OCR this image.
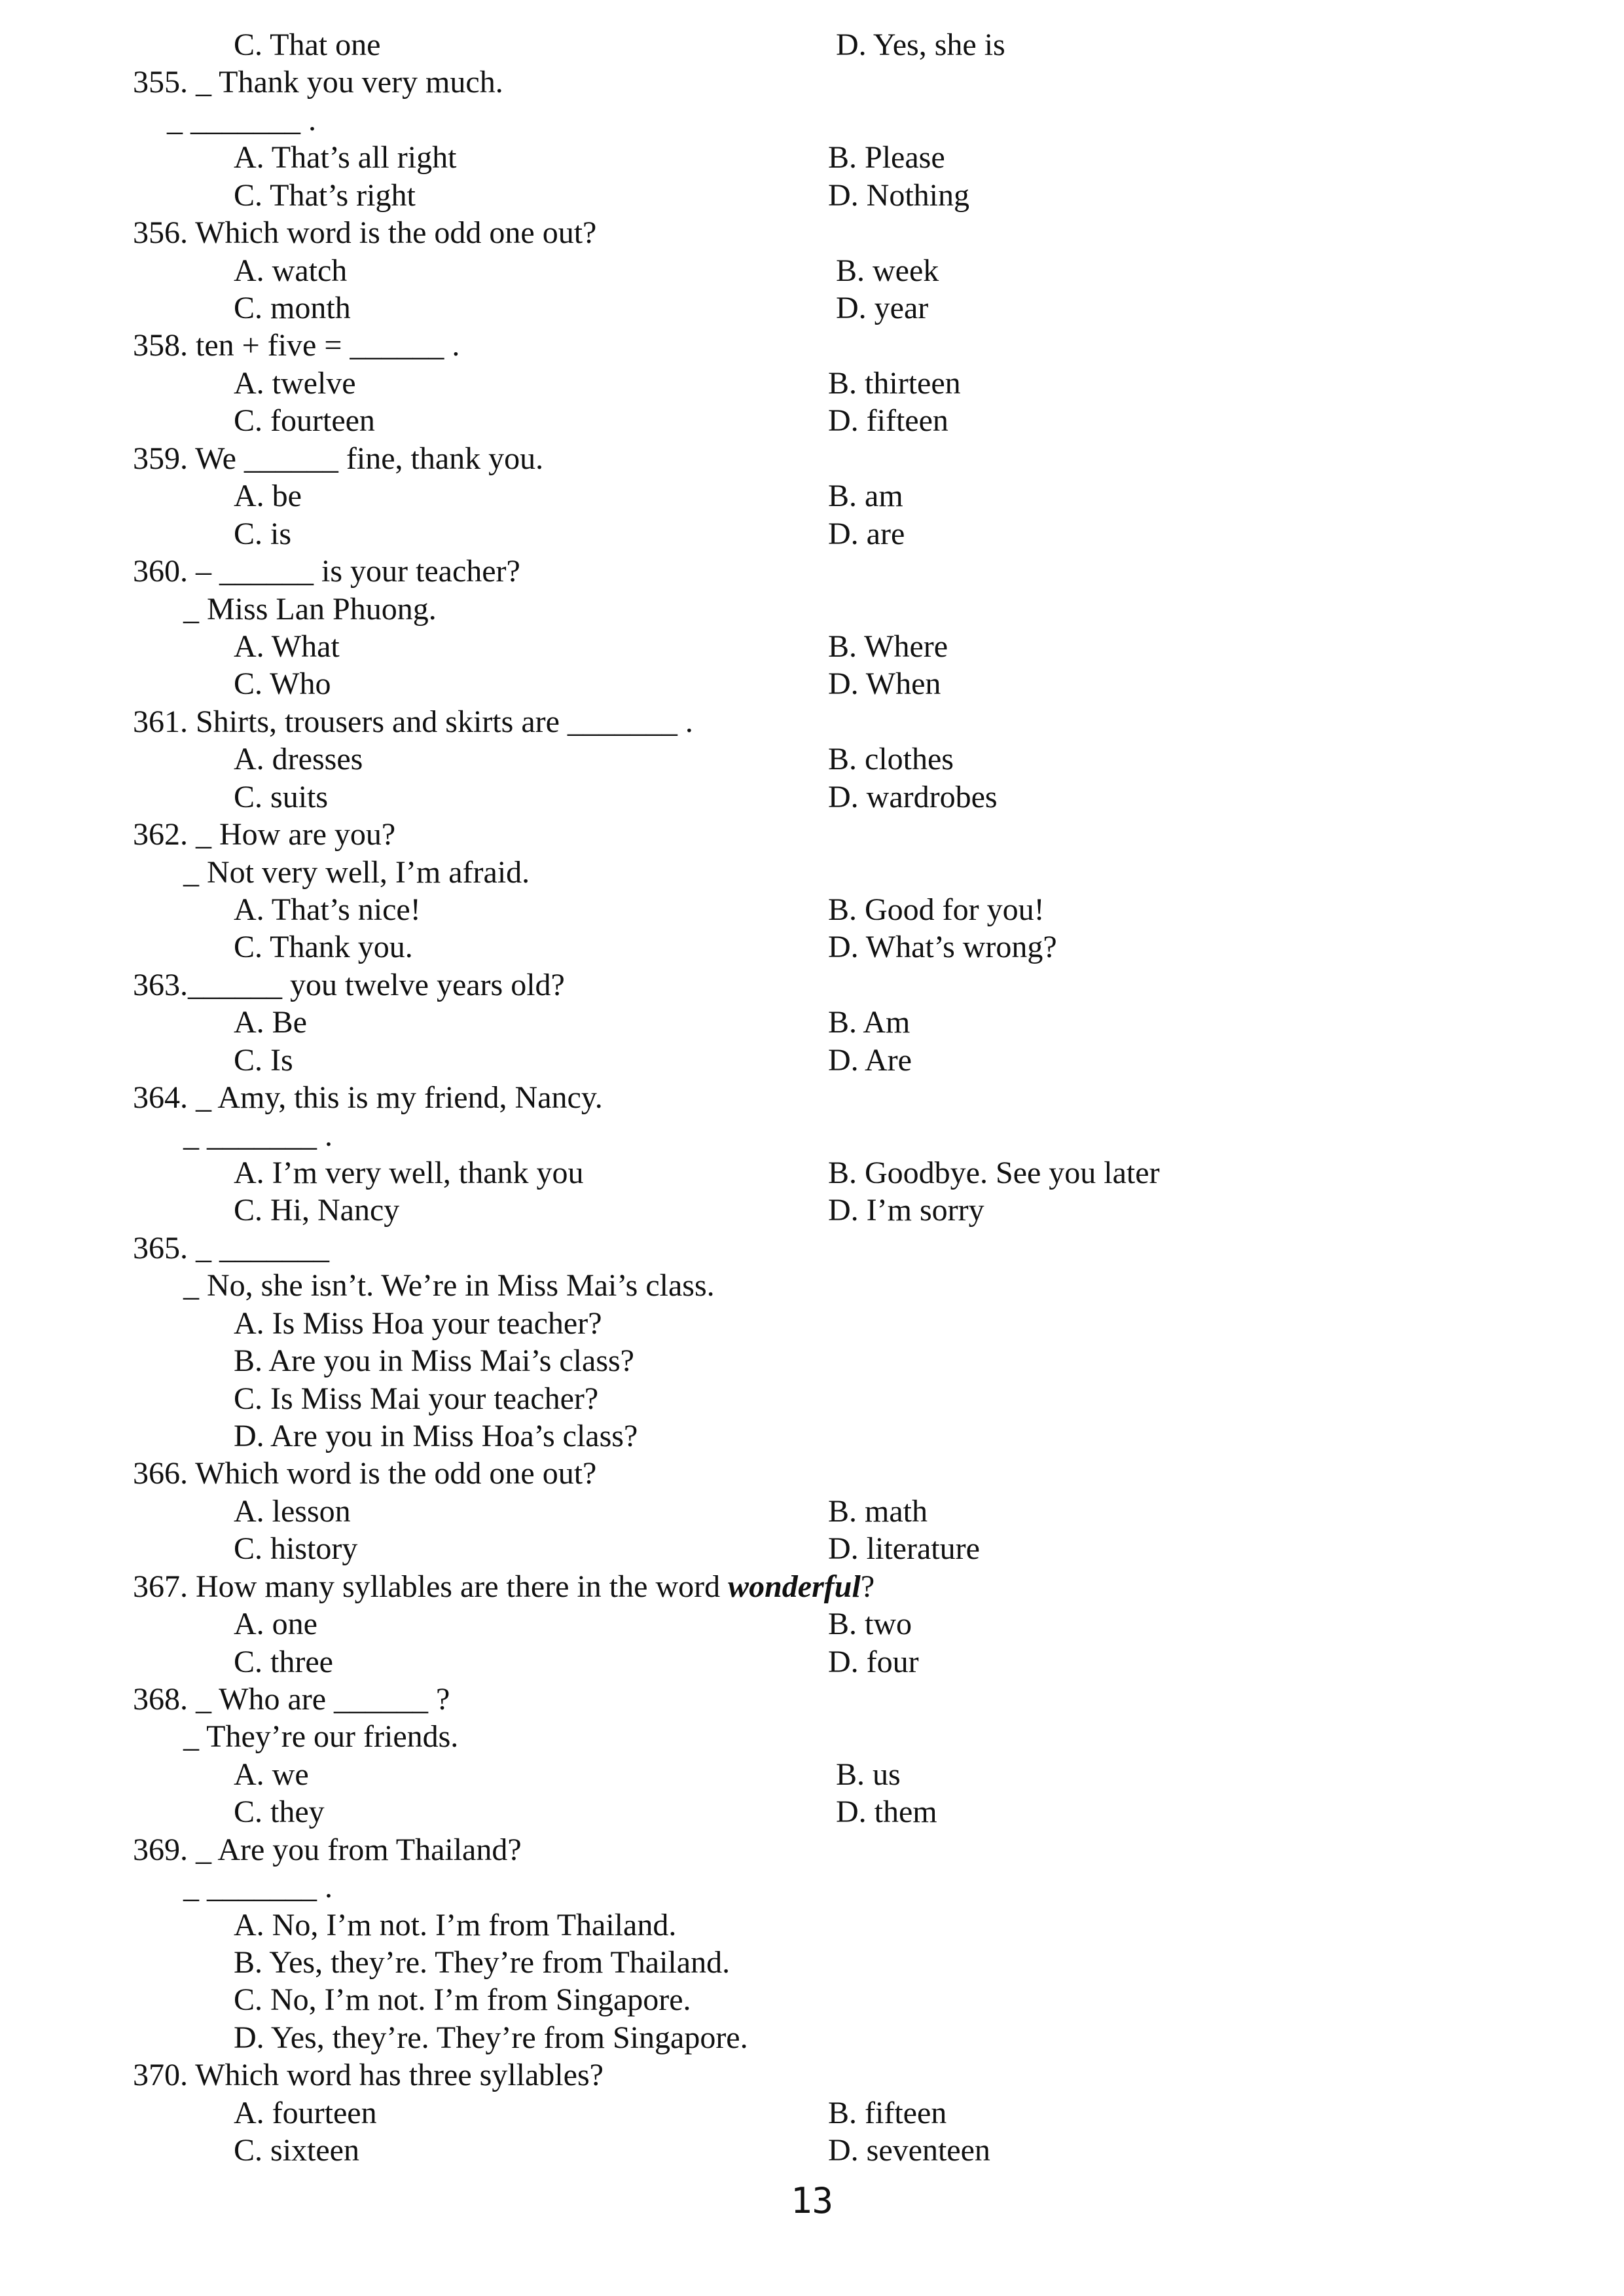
C. That one	D. Yes, she is
355. _ Thank you very much.
_ _______ .
A. That’s all right	B. Please
C. That’s right	D. Nothing
356. Which word is the odd one out?
A. watch	B. week
C. month	D. year
358. ten + five = ______ .
A. twelve	B. thirteen
C. fourteen	D. fifteen
359. We ______ fine, thank you.
A. be	B. am
C. is	D. are
360. – ______ is your teacher?
_ Miss Lan Phuong.
A. What	B. Where
C. Who	D. When
361. Shirts, trousers and skirts are _______ .
A. dresses	B. clothes
C. suits	D. wardrobes
362. _ How are you?
_ Not very well, I’m afraid.
A. That’s nice!	B. Good for you!
C. Thank you.	D. What’s wrong?
363.______ you twelve years old?
A. Be	B. Am
C. Is	D. Are
364. _ Amy, this is my friend, Nancy.
_ _______ .
A. I’m very well, thank you	B. Goodbye. See you later
C. Hi, Nancy	D. I’m sorry
365. _ _______
_ No, she isn’t. We’re in Miss Mai’s class.
A. Is Miss Hoa your teacher?
B. Are you in Miss Mai’s class?
C. Is Miss Mai your teacher?
D. Are you in Miss Hoa’s class?
366. Which word is the odd one out?
A. lesson	B. math
C. history	D. literature
367. How many syllables are there in the word wonderful?
A. one	B. two
C. three	D. four
368. _ Who are ______ ?
_ They’re our friends.
A. we	B. us
C. they	D. them
369. _ Are you from Thailand?
_ _______ .
A. No, I’m not. I’m from Thailand.
B. Yes, they’re. They’re from Thailand.
C. No, I’m not. I’m from Singapore.
D. Yes, they’re. They’re from Singapore.
370. Which word has three syllables?
A. fourteen	B. fifteen
C. sixteen	D. seventeen
13
